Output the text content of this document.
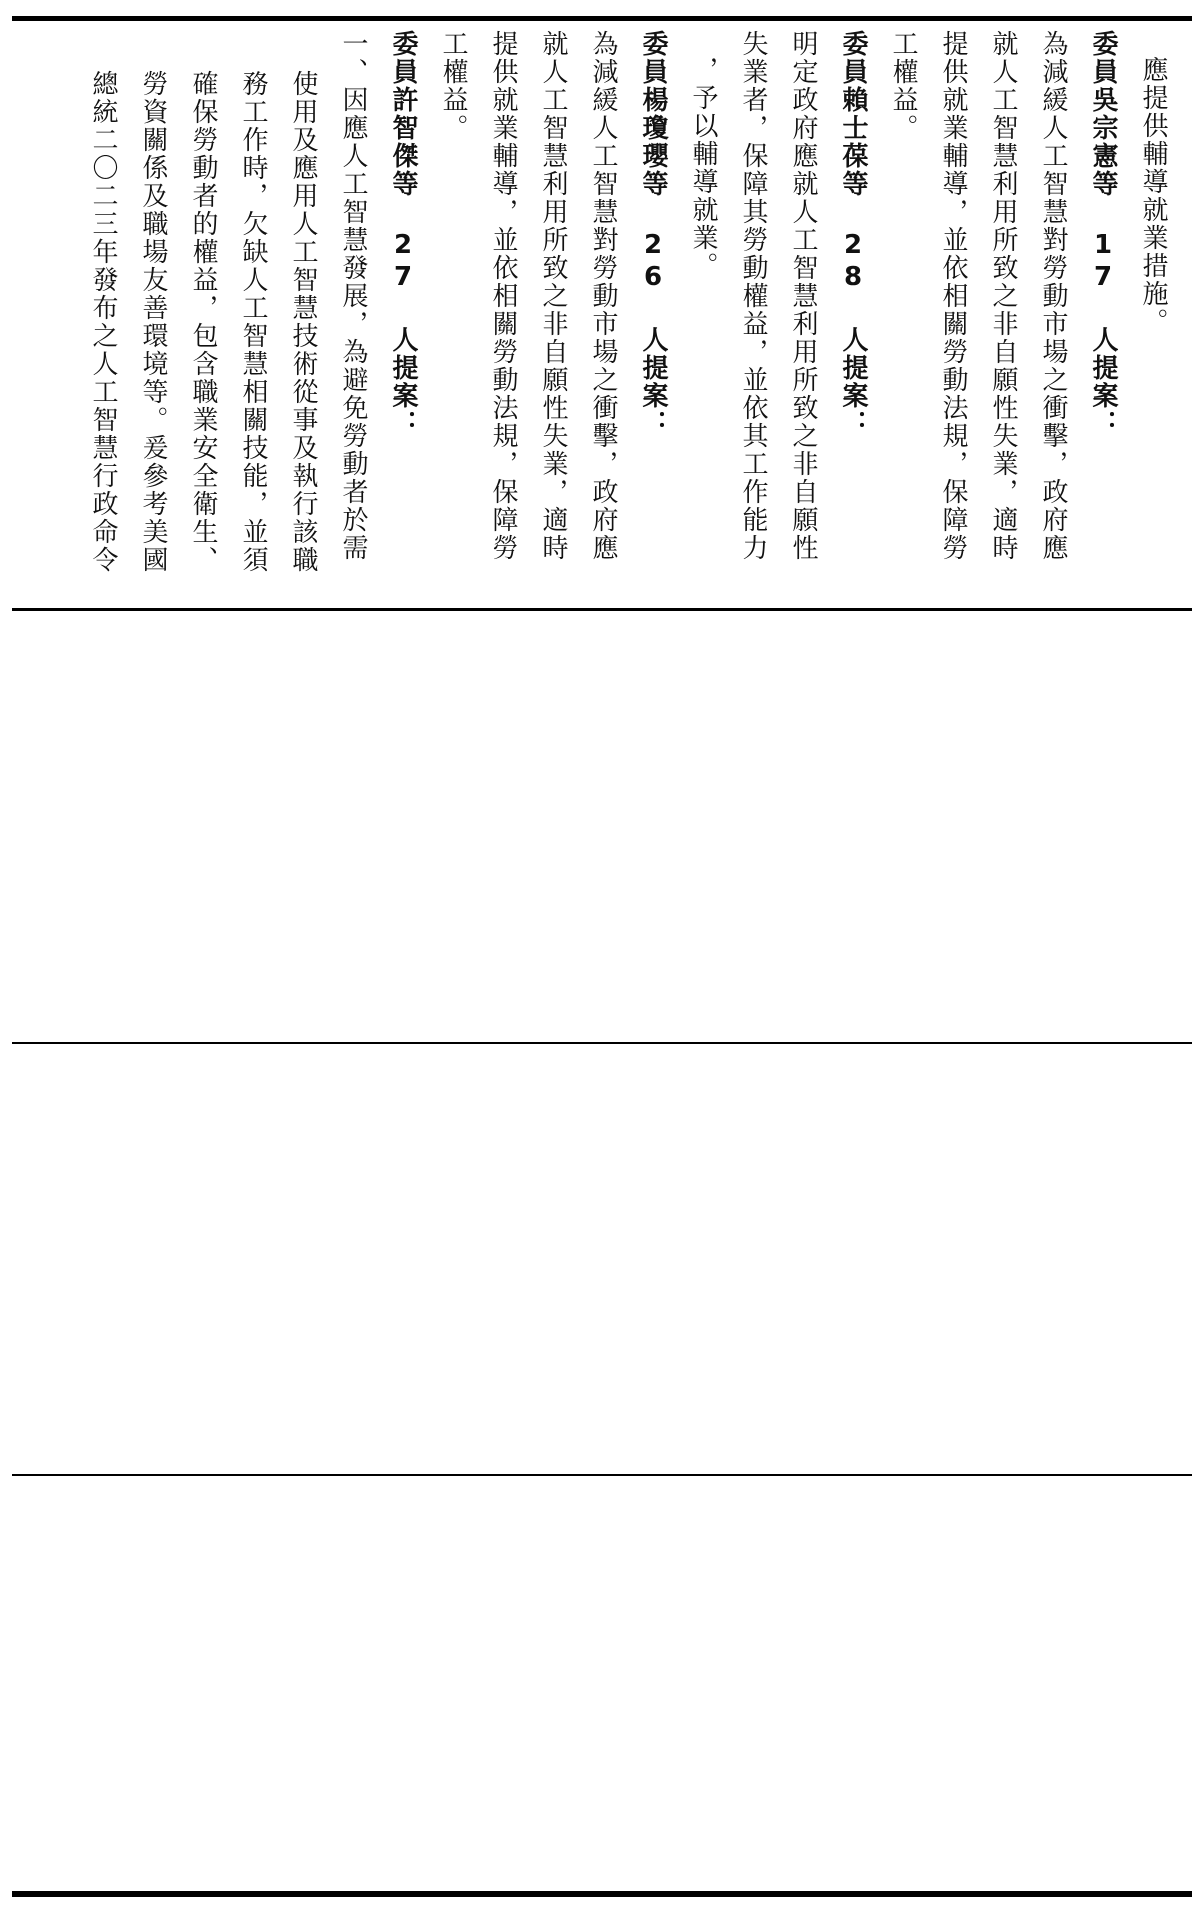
應提供輔導就業措施。
委員吳宗憲等 17 人提案：
為減緩人工智慧對勞動市場之衝擊，政府應
就人工智慧利用所致之非自願性失業，適時
提供就業輔導，並依相關勞動法規，保障勞
工權益。
委員賴士葆等 28 人提案：
明定政府應就人工智慧利用所致之非自願性
失業者，保障其勞動權益，並依其工作能力
，予以輔導就業。
委員楊瓊瓔等 26 人提案：
為減緩人工智慧對勞動市場之衝擊，政府應
就人工智慧利用所致之非自願性失業，適時
提供就業輔導，並依相關勞動法規，保障勞
工權益。
委員許智傑等 27 人提案：
一、因應人工智慧發展，為避免勞動者於需
使用及應用人工智慧技術從事及執行該職
務工作時，欠缺人工智慧相關技能，並須
確保勞動者的權益，包含職業安全衛生、
勞資關係及職場友善環境等。爰參考美國
總統二〇二三年發布之人工智慧行政命令
